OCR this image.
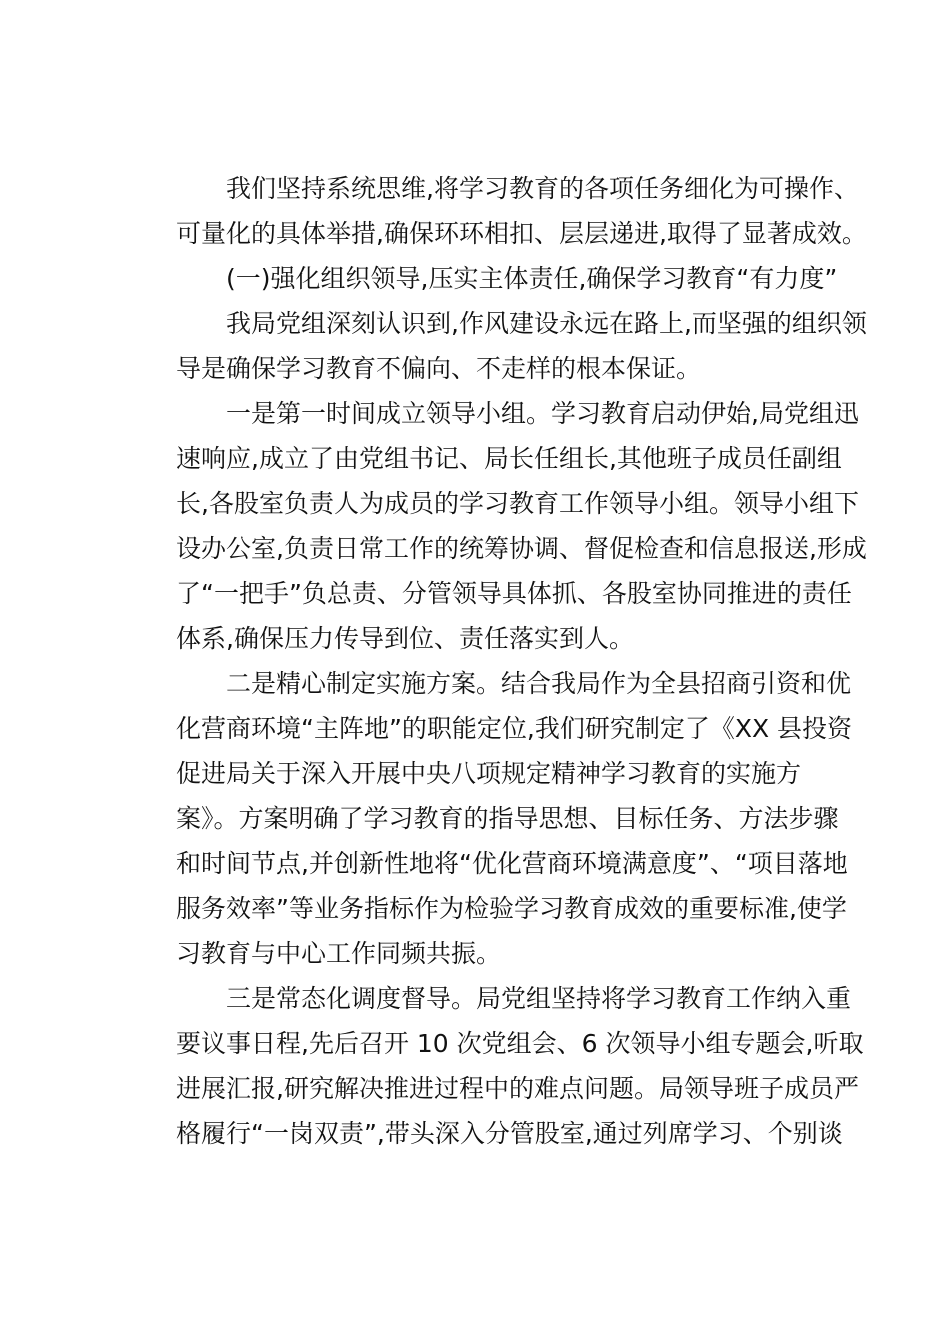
我们坚持系统思维,将学习教育的各项任务细化为可操作、
可量化的具体举措,确保环环相扣、层层递进,取得了显著成效。
(一)强化组织领导,压实主体责任,确保学习教育“有力度”
我局党组深刻认识到,作风建设永远在路上,而坚强的组织领
导是确保学习教育不偏向、不走样的根本保证。
一是第一时间成立领导小组。学习教育启动伊始,局党组迅
速响应,成立了由党组书记、局长任组长,其他班子成员任副组
长,各股室负责人为成员的学习教育工作领导小组。领导小组下
设办公室,负责日常工作的统筹协调、督促检查和信息报送,形成
了“一把手”负总责、分管领导具体抓、各股室协同推进的责任
体系,确保压力传导到位、责任落实到人。
二是精心制定实施方案。结合我局作为全县招商引资和优
化营商环境“主阵地”的职能定位,我们研究制定了《XX 县投资
促进局关于深入开展中央八项规定精神学习教育的实施方
案》。方案明确了学习教育的指导思想、目标任务、方法步骤
和时间节点,并创新性地将“优化营商环境满意度”、“项目落地
服务效率”等业务指标作为检验学习教育成效的重要标准,使学
习教育与中心工作同频共振。
三是常态化调度督导。局党组坚持将学习教育工作纳入重
要议事日程,先后召开 10 次党组会、6 次领导小组专题会,听取
进展汇报,研究解决推进过程中的难点问题。局领导班子成员严
格履行“一岗双责”,带头深入分管股室,通过列席学习、个别谈
